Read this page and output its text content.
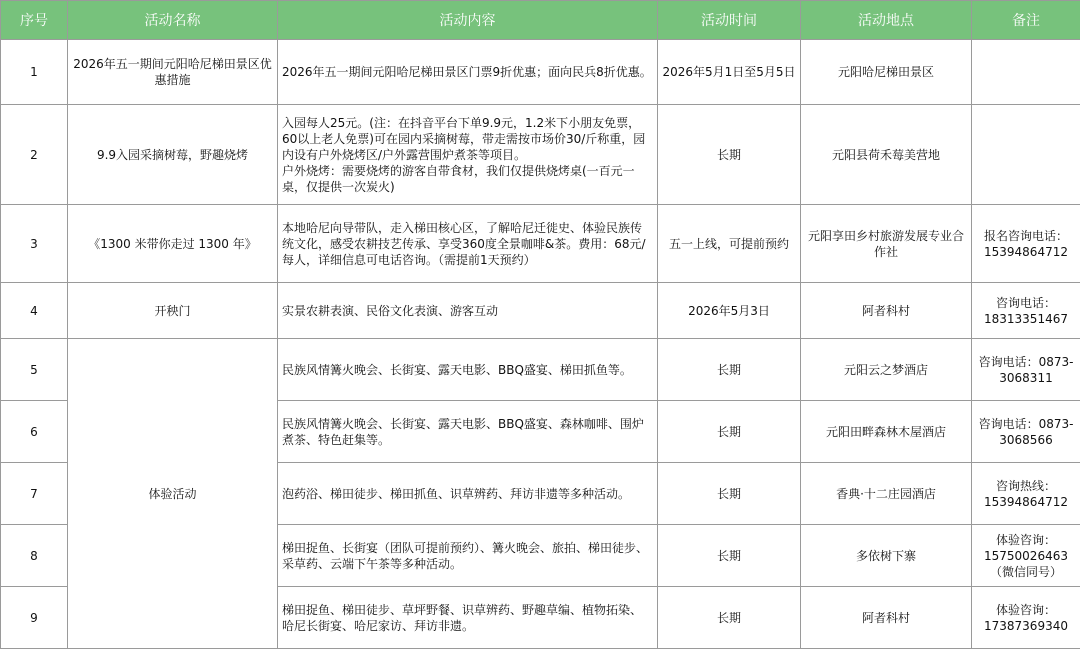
序号	活动名称	活动内容	活动时间	活动地点	备注
1	2026年五一期间元阳哈尼梯田景区优惠措施	2026年五一期间元阳哈尼梯田景区门票9折优惠；面向民兵8折优惠。	2026年5月1日至5月5日	元阳哈尼梯田景区	
2	9.9入园采摘树莓，野趣烧烤	入园每人25元。(注：在抖音平台下单9.9元，1.2米下小朋友免票，60以上老人免票)可在园内采摘树莓，带走需按市场价30/斤称重，园内设有户外烧烤区/户外露营围炉煮茶等项目。
户外烧烤：需要烧烤的游客自带食材，我们仅提供烧烤桌(一百元一桌，仅提供一次炭火)	长期	元阳县荷禾莓美营地	
3	《1300 米带你走过 1300 年》	本地哈尼向导带队，走入梯田核心区，了解哈尼迁徙史、体验民族传统文化，感受农耕技艺传承、享受360度全景咖啡&茶。费用：68元/每人，详细信息可电话咨询。（需提前1天预约）	五一上线，可提前预约	元阳享田乡村旅游发展专业合作社	报名咨询电话：15394864712
4	开秧门	实景农耕表演、民俗文化表演、游客互动	2026年5月3日	阿者科村	咨询电话：18313351467
5	体验活动	民族风情篝火晚会、长街宴、露天电影、BBQ盛宴、梯田抓鱼等。	长期	元阳云之梦酒店	咨询电话：0873-3068311
6		民族风情篝火晚会、长街宴、露天电影、BBQ盛宴、森林咖啡、围炉煮茶、特色赶集等。	长期	元阳田畔森林木屋酒店	咨询电话：0873-3068566
7		泡药浴、梯田徒步、梯田抓鱼、识草辨药、拜访非遗等多种活动。	长期	香典·十二庄园酒店	咨询热线：15394864712
8		梯田捉鱼、长街宴（团队可提前预约）、篝火晚会、旅拍、梯田徒步、采草药、云端下午茶等多种活动。	长期	多依树下寨	体验咨询：15750026463（微信同号）
9		梯田捉鱼、梯田徒步、草坪野餐、识草辨药、野趣草编、植物拓染、哈尼长街宴、哈尼家访、拜访非遗。	长期	阿者科村	体验咨询：17387369340
